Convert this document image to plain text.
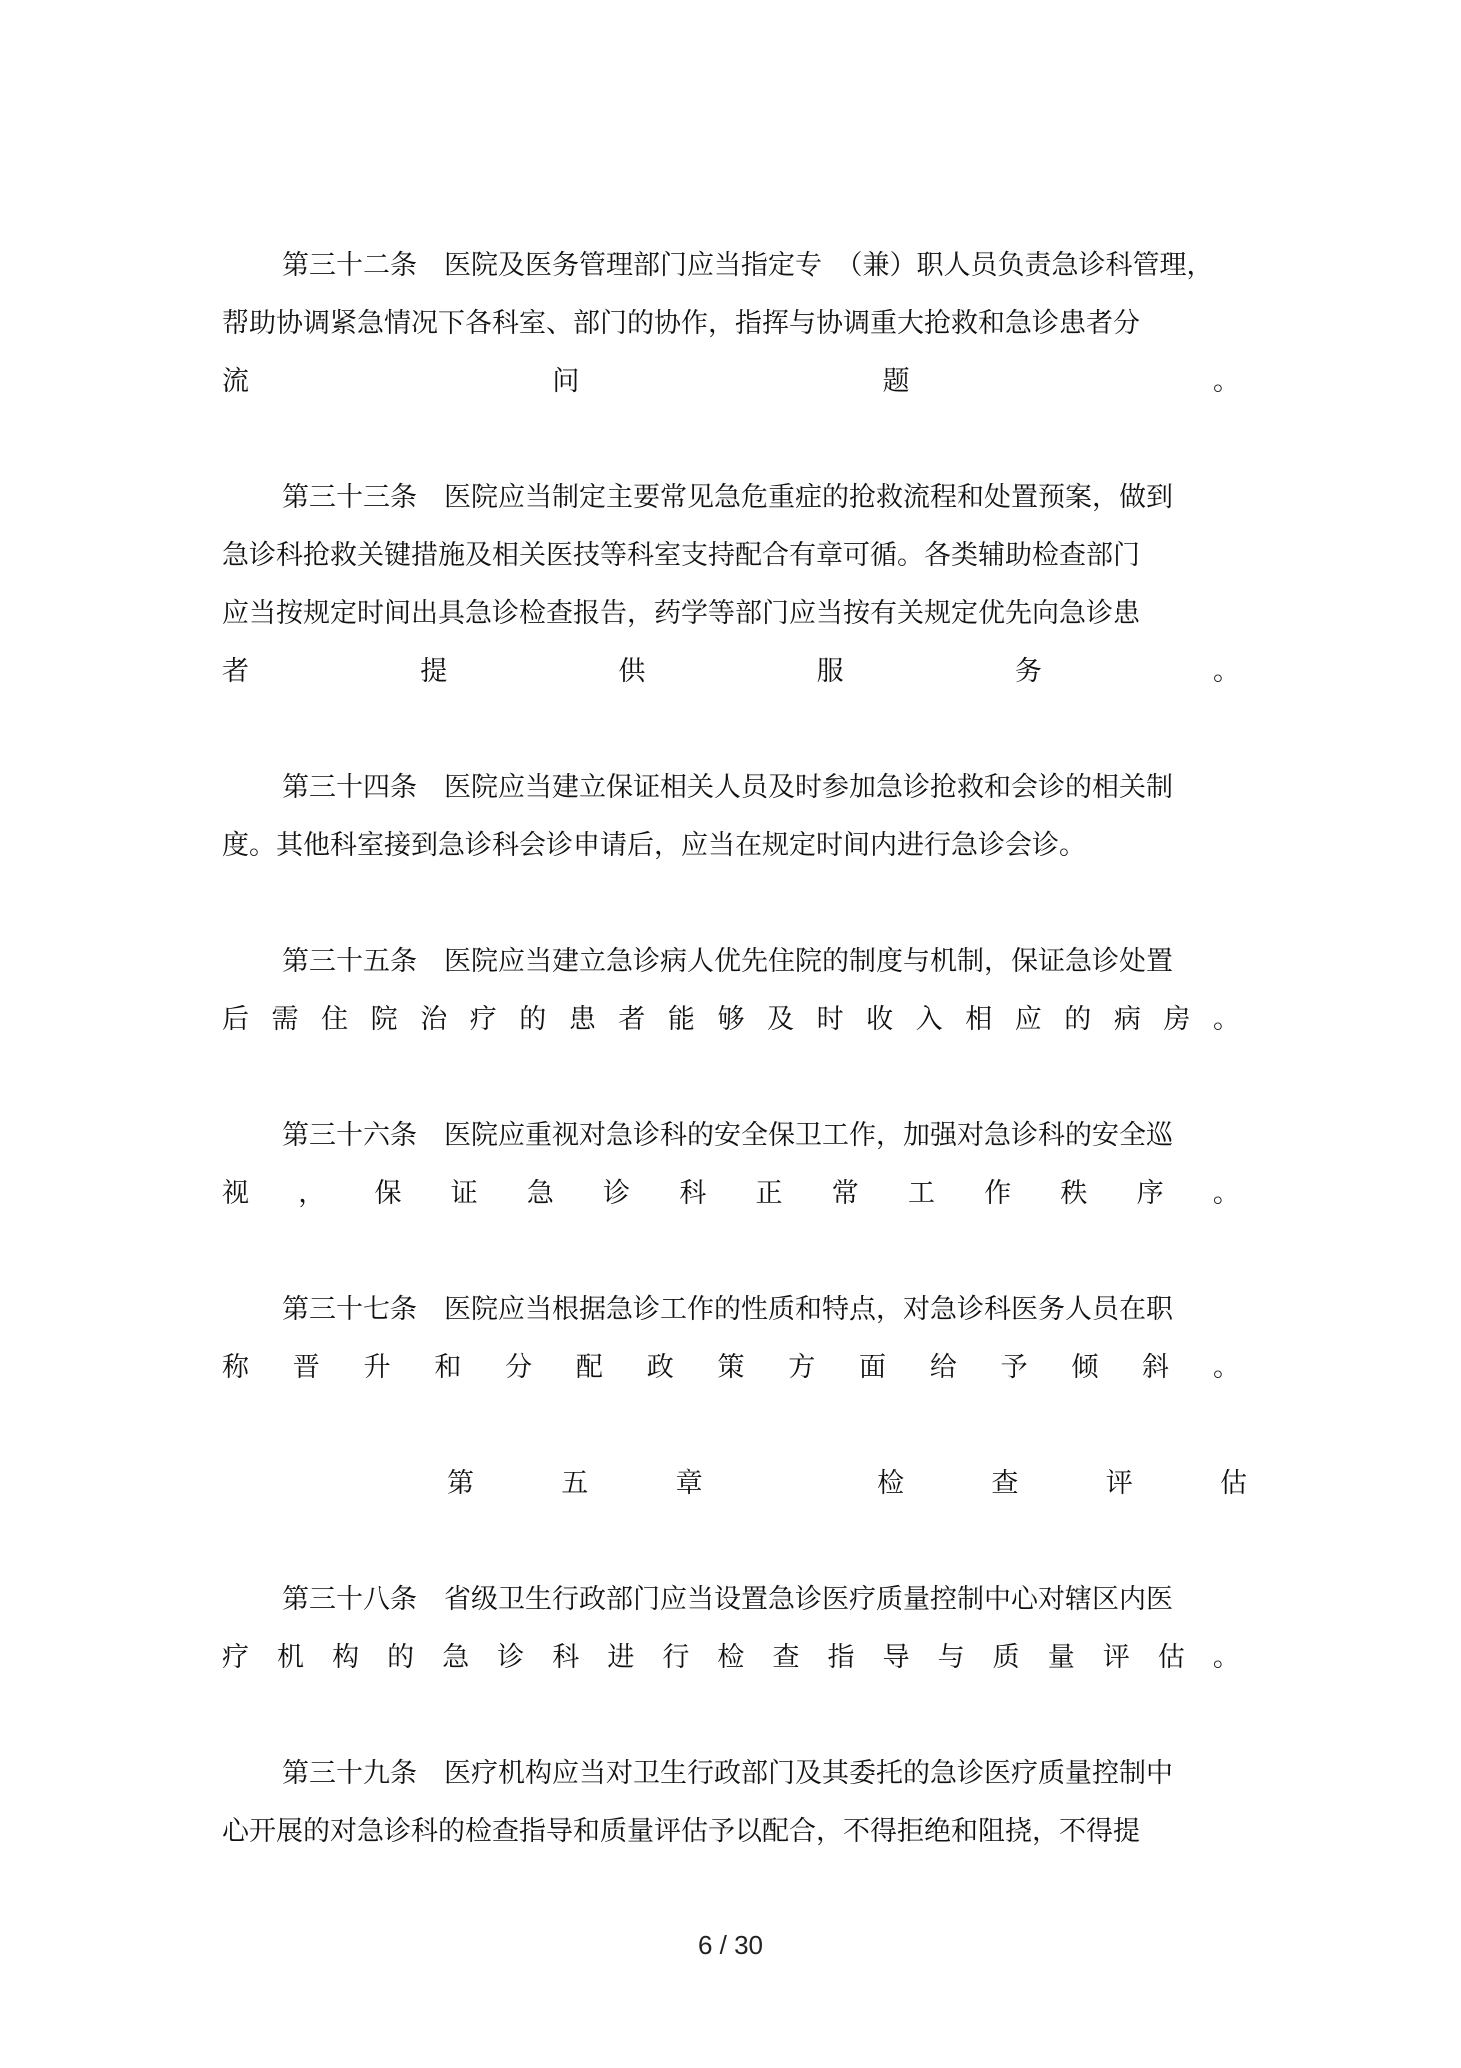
第三十二条　医院及医务管理部门应当指定专　（兼）职人员负责急诊科管理，
帮助协调紧急情况下各科室、部门的协作，指挥与协调重大抢救和急诊患者分
流	问	题	。
第三十三条　医院应当制定主要常见急危重症的抢救流程和处置预案，做到
急诊科抢救关键措施及相关医技等科室支持配合有章可循。各类辅助检查部门
应当按规定时间出具急诊检查报告，药学等部门应当按有关规定优先向急诊患
者	提	供	服	务	。
第三十四条　医院应当建立保证相关人员及时参加急诊抢救和会诊的相关制
度。其他科室接到急诊科会诊申请后，应当在规定时间内进行急诊会诊。
第三十五条　医院应当建立急诊病人优先住院的制度与机制，保证急诊处置
后 需 住 院 治 疗 的 患 者 能 够 及 时 收 入 相 应 的 病 房 。
第三十六条　医院应重视对急诊科的安全保卫工作，加强对急诊科的安全巡
视 ， 保 证 急 诊 科 正 常 工 作 秩 序 。
第三十七条　医院应当根据急诊工作的性质和特点，对急诊科医务人员在职
称 晋 升 和 分 配 政 策 方 面 给 予 倾 斜 。
第	五	章	检	查	评	估
第三十八条　省级卫生行政部门应当设置急诊医疗质量控制中心对辖区内医
疗 机 构 的 急 诊 科 进 行 检 查 指 导 与 质 量 评 估 。
第三十九条　医疗机构应当对卫生行政部门及其委托的急诊医疗质量控制中
心开展的对急诊科的检查指导和质量评估予以配合，不得拒绝和阻挠，不得提
6 / 30
